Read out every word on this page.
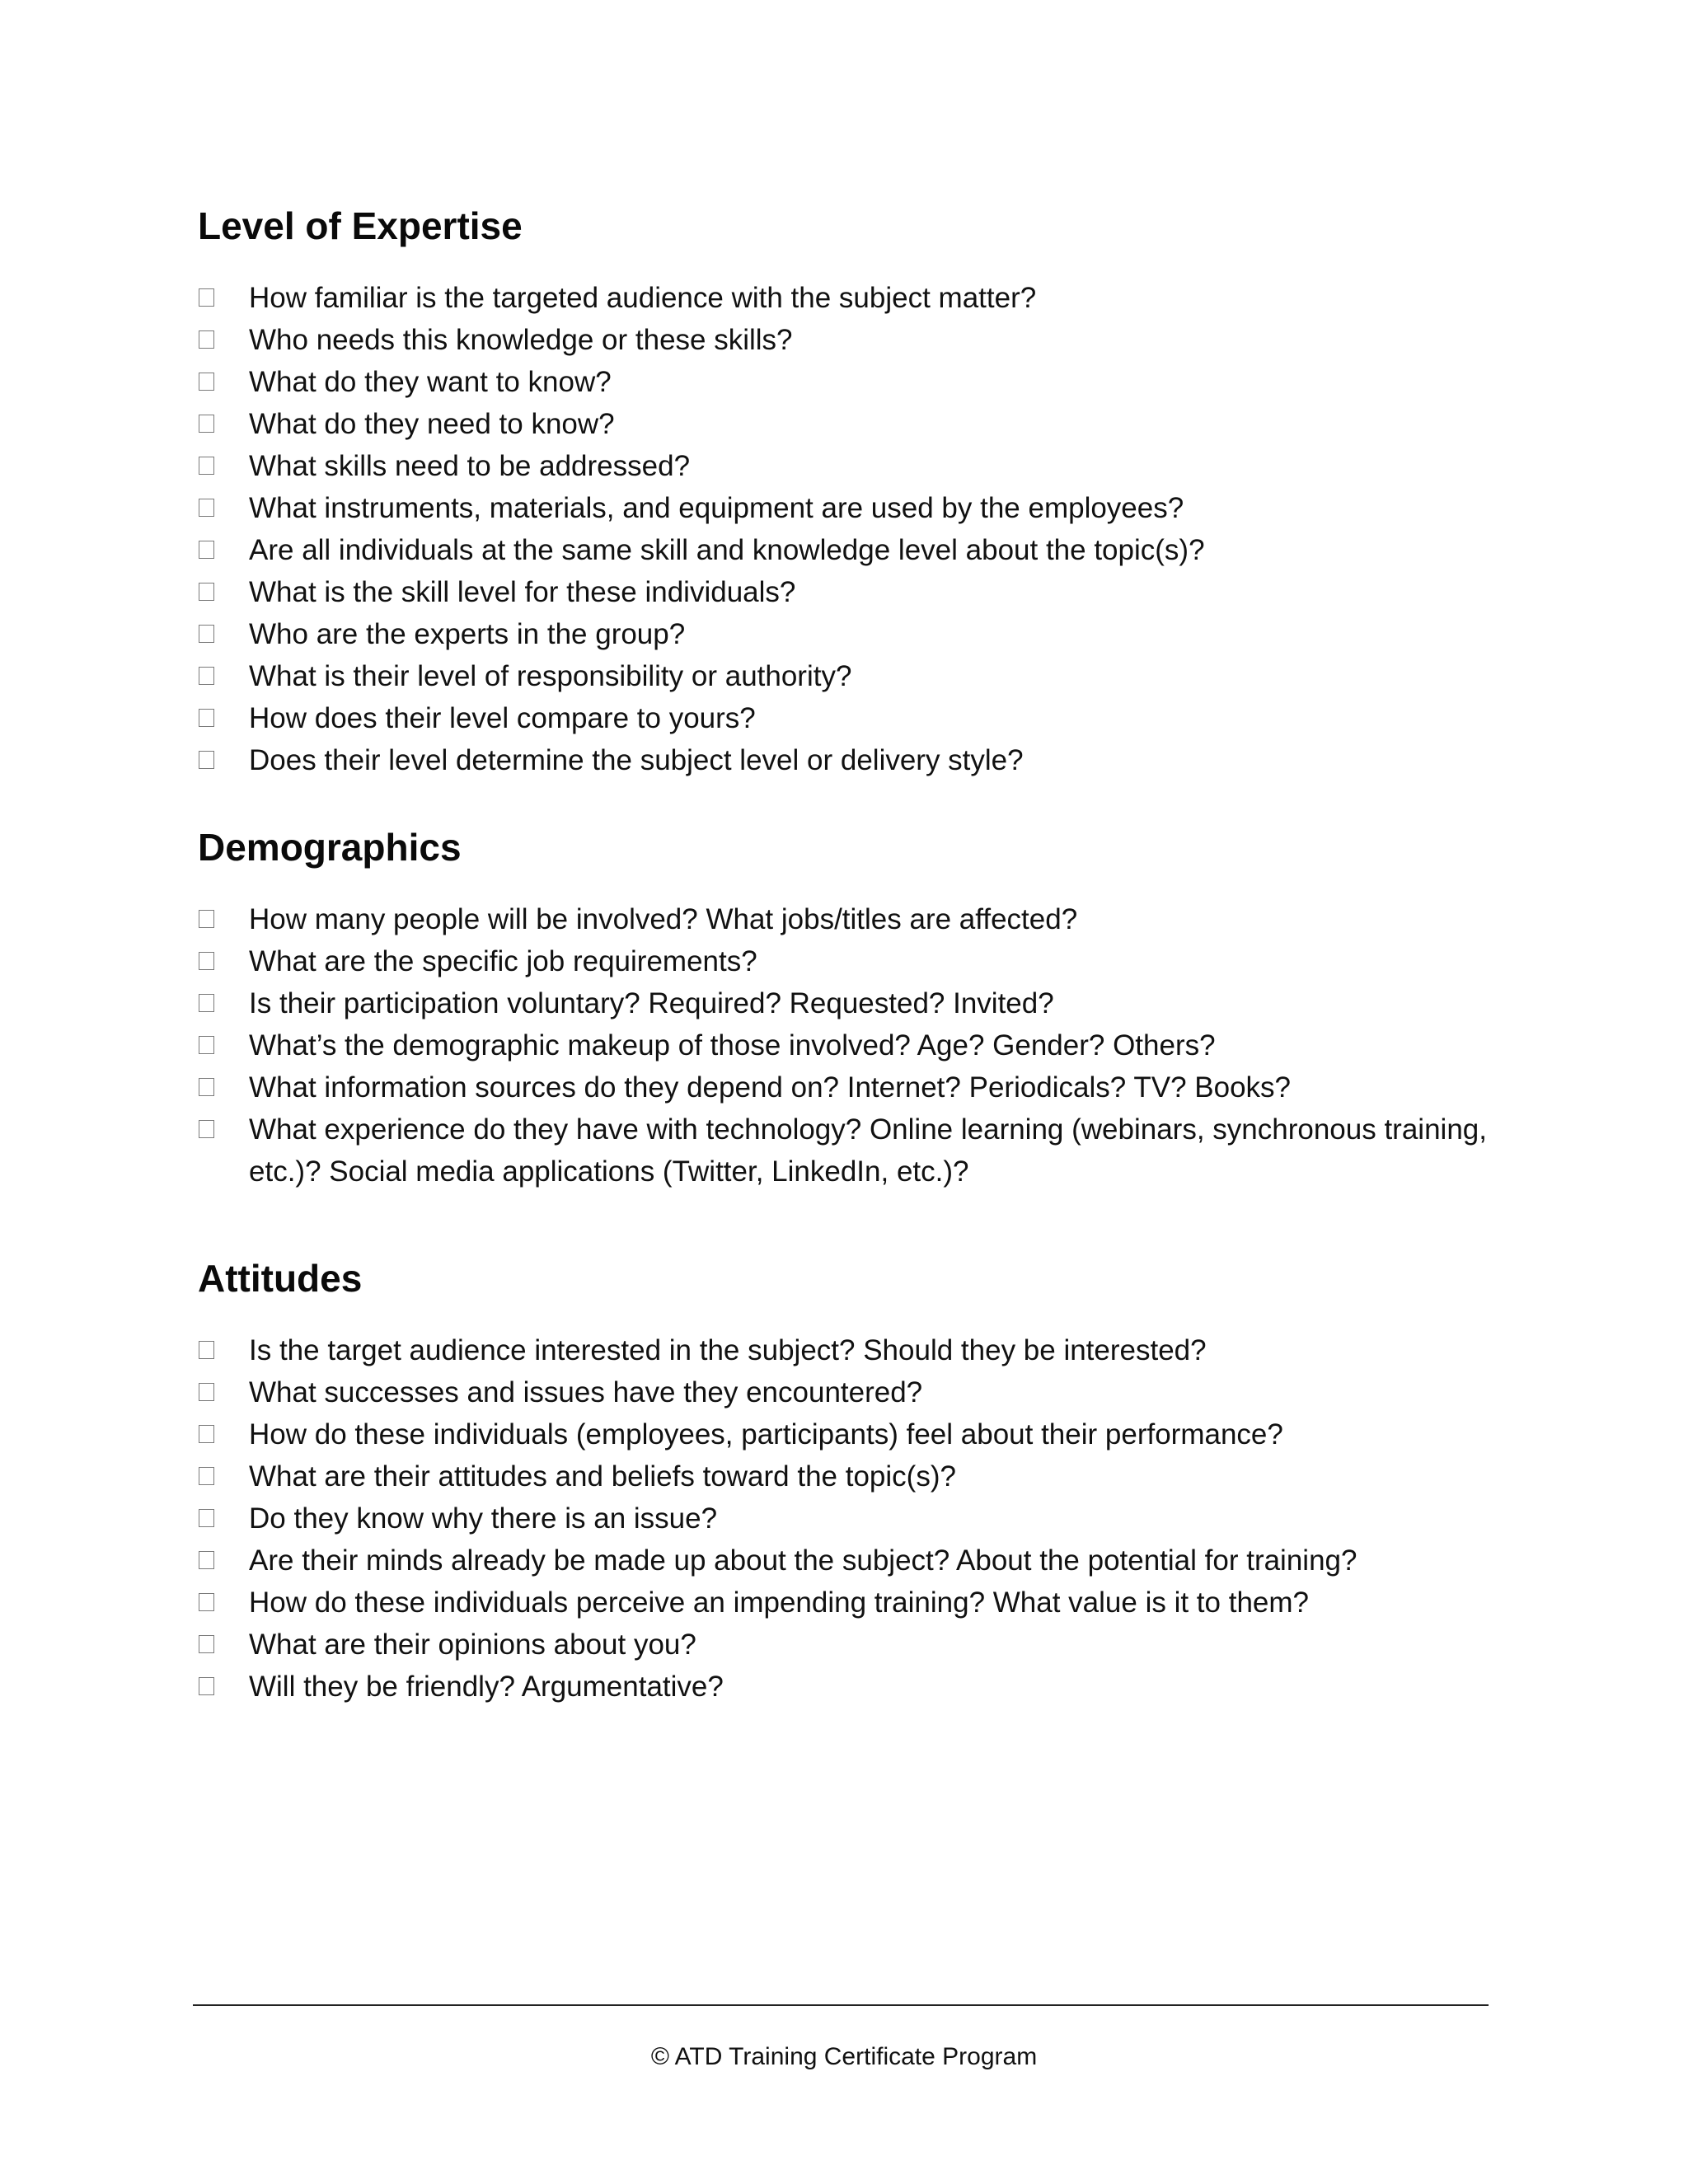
Level of Expertise
How familiar is the targeted audience with the subject matter?
Who needs this knowledge or these skills?
What do they want to know?
What do they need to know?
What skills need to be addressed?
What instruments, materials, and equipment are used by the employees?
Are all individuals at the same skill and knowledge level about the topic(s)?
What is the skill level for these individuals?
Who are the experts in the group?
What is their level of responsibility or authority?
How does their level compare to yours?
Does their level determine the subject level or delivery style?
Demographics
How many people will be involved? What jobs/titles are affected?
What are the specific job requirements?
Is their participation voluntary? Required? Requested? Invited?
What’s the demographic makeup of those involved? Age? Gender? Others?
What information sources do they depend on? Internet? Periodicals? TV? Books?
What experience do they have with technology? Online learning (webinars, synchronous training, etc.)? Social media applications (Twitter, LinkedIn, etc.)?
Attitudes
Is the target audience interested in the subject? Should they be interested?
What successes and issues have they encountered?
How do these individuals (employees, participants) feel about their performance?
What are their attitudes and beliefs toward the topic(s)?
Do they know why there is an issue?
Are their minds already be made up about the subject? About the potential for training?
How do these individuals perceive an impending training? What value is it to them?
What are their opinions about you?
Will they be friendly? Argumentative?
© ATD Training Certificate Program
